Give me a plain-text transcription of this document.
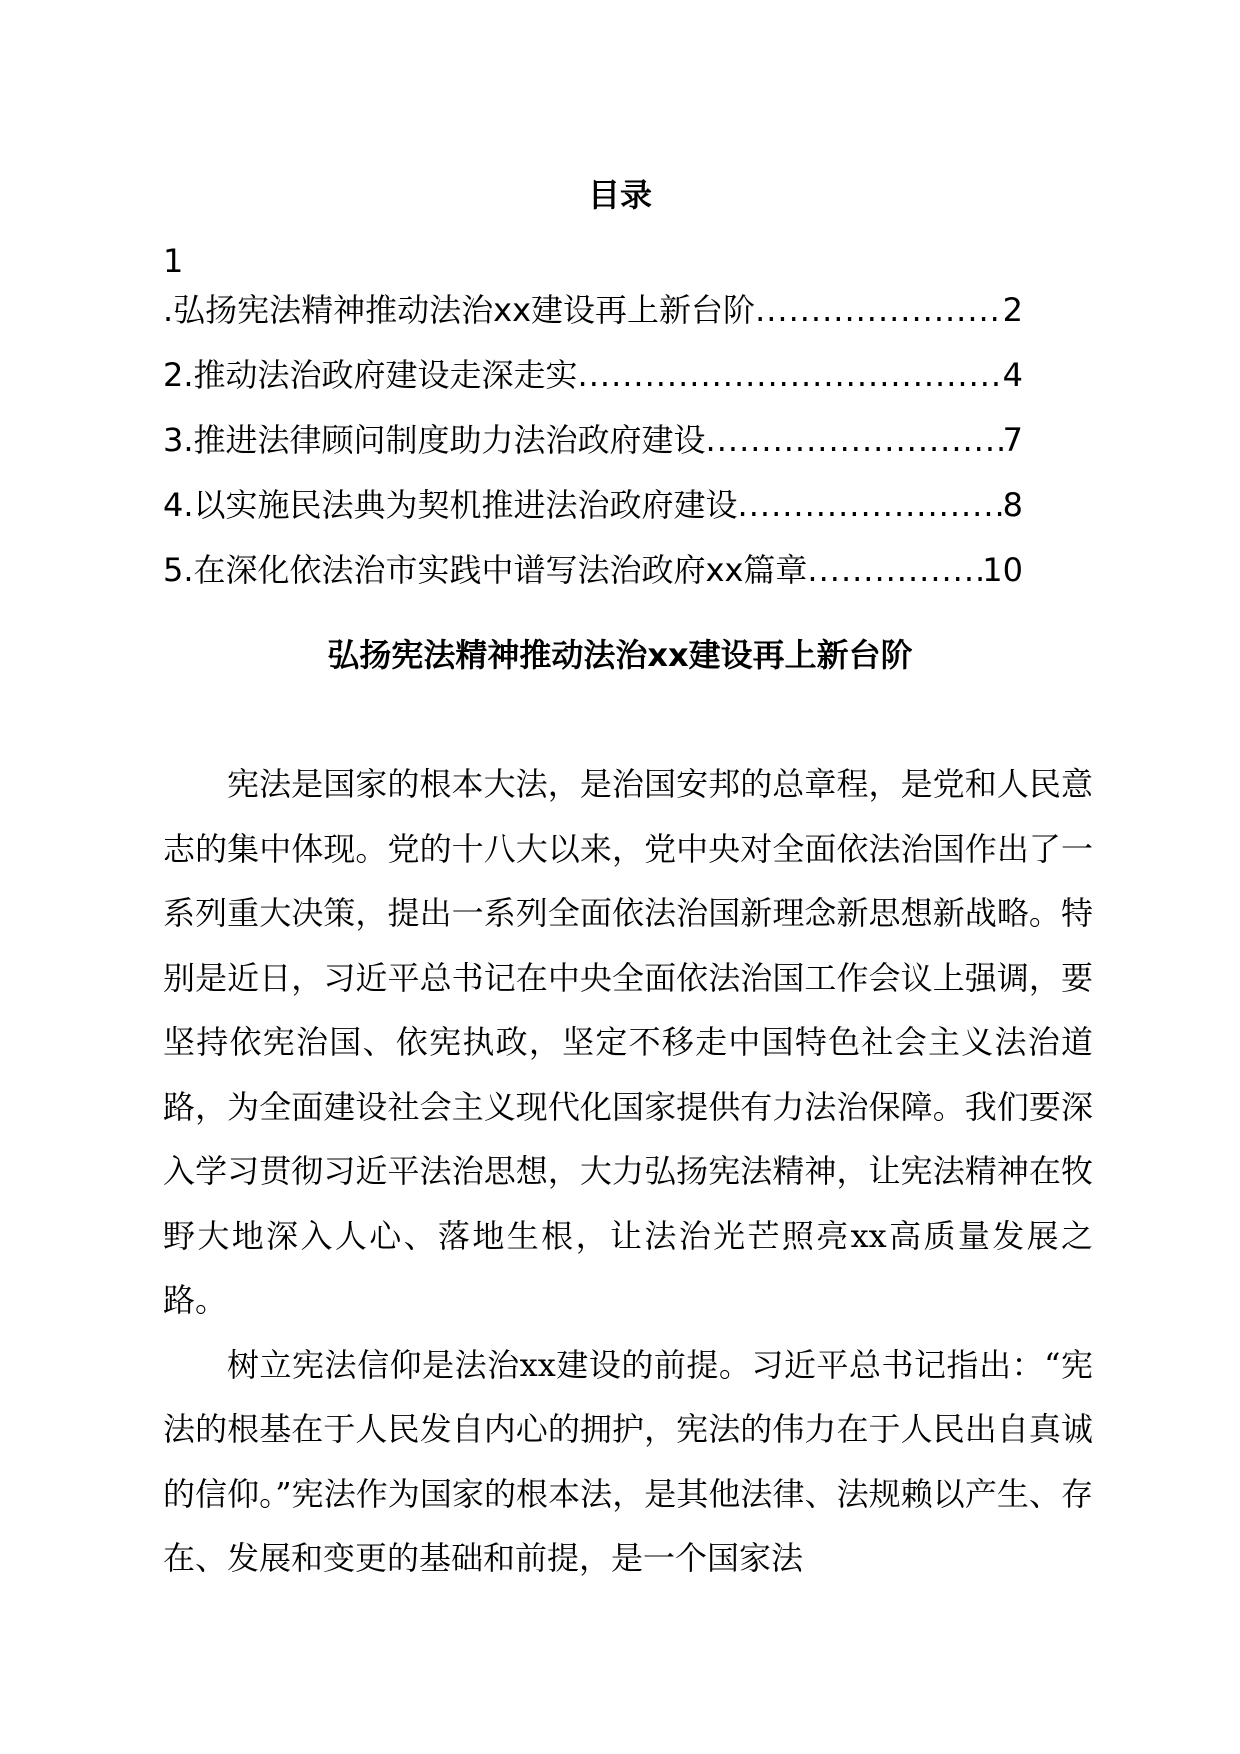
目录
1
.弘扬宪法精神推动法治xx建设再上新台阶 .....	2
2.推动法治政府建设走深走实 .....	4
3.推进法律顾问制度助力法治政府建设 .....	7
4.以实施民法典为契机推进法治政府建设 .....	8
5.在深化依法治市实践中谱写法治政府xx篇章 .....	10
弘扬宪法精神推动法治xx建设再上新台阶

宪法是国家的根本大法，是治国安邦的总章程，是党和人民意志的集中体现。党的十八大以来，党中央对全面依法治国作出了一系列重大决策，提出一系列全面依法治国新理念新思想新战略。特别是近日，习近平总书记在中央全面依法治国工作会议上强调，要坚持依宪治国、依宪执政，坚定不移走中国特色社会主义法治道路，为全面建设社会主义现代化国家提供有力法治保障。我们要深入学习贯彻习近平法治思想，大力弘扬宪法精神，让宪法精神在牧野大地深入人心、落地生根，让法治光芒照亮xx高质量发展之路。

树立宪法信仰是法治xx建设的前提。习近平总书记指出：“宪法的根基在于人民发自内心的拥护，宪法的伟力在于人民出自真诚的信仰。”宪法作为国家的根本法，是其他法律、法规赖以产生、存在、发展和变更的基础和前提，是一个国家法
